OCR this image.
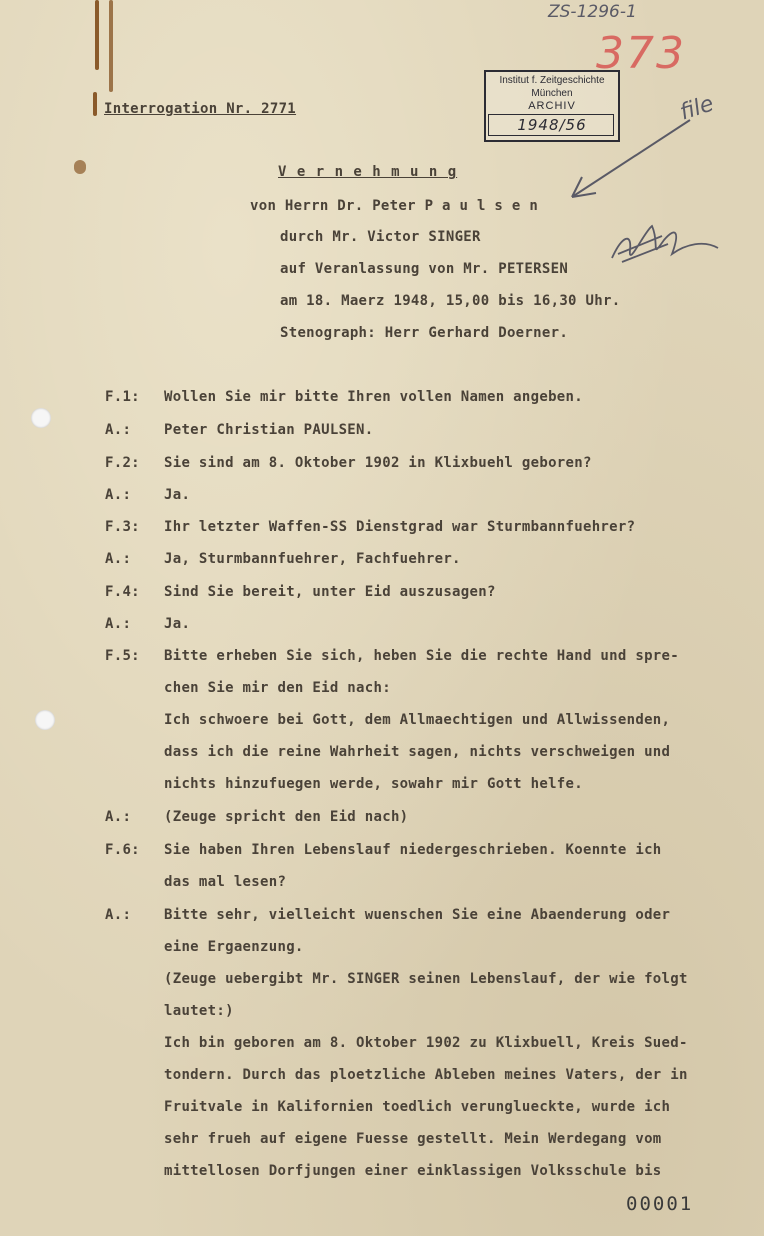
ZS-1296-1
373
Institut f. Zeitgeschichte
München
ARCHIV
1948/56	file
Interrogation Nr. 2771
V e r n e h m u n g
von Herrn Dr. Peter P a u l s e n
durch Mr. Victor SINGER
auf Veranlassung von Mr. PETERSEN
am 18. Maerz 1948, 15,00 bis 16,30 Uhr.
Stenograph: Herr Gerhard Doerner.
F.1: Wollen Sie mir bitte Ihren vollen Namen angeben.
A.: Peter Christian PAULSEN.
F.2: Sie sind am 8. Oktober 1902 in Klixbuehl geboren?
A.: Ja.
F.3: Ihr letzter Waffen-SS Dienstgrad war Sturmbannfuehrer?
A.: Ja, Sturmbannfuehrer, Fachfuehrer.
F.4: Sind Sie bereit, unter Eid auszusagen?
A.: Ja.
F.5: Bitte erheben Sie sich, heben Sie die rechte Hand und spre-
chen Sie mir den Eid nach:
Ich schwoere bei Gott, dem Allmaechtigen und Allwissenden,
dass ich die reine Wahrheit sagen, nichts verschweigen und
nichts hinzufuegen werde, sowahr mir Gott helfe.
A.: (Zeuge spricht den Eid nach)
F.6: Sie haben Ihren Lebenslauf niedergeschrieben. Koennte ich
das mal lesen?
A.: Bitte sehr, vielleicht wuenschen Sie eine Abaenderung oder
eine Ergaenzung.
(Zeuge uebergibt Mr. SINGER seinen Lebenslauf, der wie folgt
lautet:)
Ich bin geboren am 8. Oktober 1902 zu Klixbuell, Kreis Sued-
tondern. Durch das ploetzliche Ableben meines Vaters, der in
Fruitvale in Kalifornien toedlich verunglueckte, wurde ich
sehr frueh auf eigene Fuesse gestellt. Mein Werdegang vom
mittellosen Dorfjungen einer einklassigen Volksschule bis
00001
